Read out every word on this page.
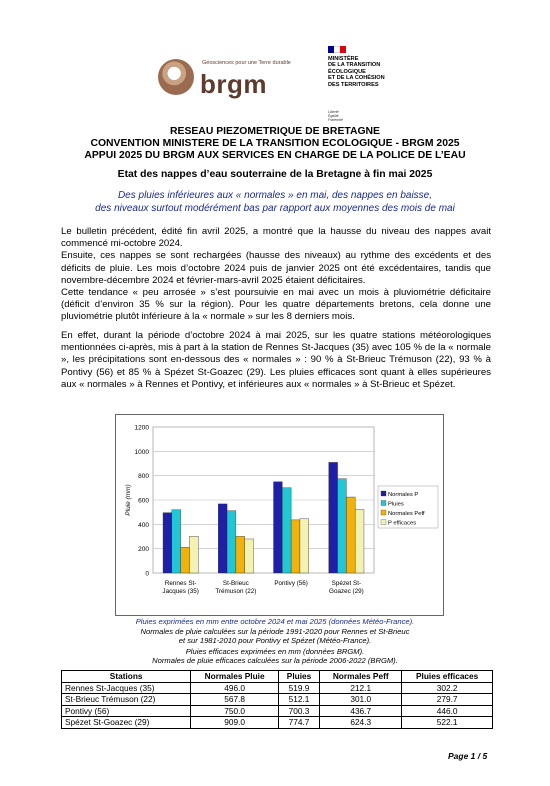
Géosciences pour une Terre durable
brgm
MINISTÈRE
DE LA TRANSITION
ÉCOLOGIQUE
ET DE LA COHÉSION
DES TERRITOIRES
Liberté
Égalité
Fraternité
RESEAU PIEZOMETRIQUE DE BRETAGNE
CONVENTION MINISTERE DE LA TRANSITION ECOLOGIQUE - BRGM 2025
APPUI 2025 DU BRGM AUX SERVICES EN CHARGE DE LA POLICE DE L’EAU
Etat des nappes d’eau souterraine de la Bretagne à fin mai 2025
Des pluies inférieures aux « normales » en mai, des nappes en baisse,
des niveaux surtout modérément bas par rapport aux moyennes des mois de mai

Le bulletin précédent, édité fin avril 2025, a montré que la hausse du niveau des nappes avait commencé mi-octobre 2024.

Ensuite, ces nappes se sont rechargées (hausse des niveaux) au rythme des excédents et des déficits de pluie. Les mois d’octobre 2024 puis de janvier 2025 ont été excédentaires, tandis que novembre-décembre 2024 et février-mars-avril 2025 étaient déficitaires.

Cette tendance « peu arrosée » s’est poursuivie en mai avec un mois à pluviométrie déficitaire (déficit d’environ 35 % sur la région). Pour les quatre départements bretons, cela donne une pluviométrie plutôt inférieure à la « normale » sur les 8 derniers mois.

En effet, durant la période d’octobre 2024 à mai 2025, sur les quatre stations météorologiques mentionnées ci-après, mis à part à la station de Rennes St-Jacques (35) avec 105 % de la « normale », les précipitations sont en-dessous des « normales » : 90 % à St-Brieuc Trémuson (22), 93 % à Pontivy (56) et 85 % à Spézet St-Goazec (29). Les pluies efficaces sont quant à elles supérieures aux « normales » à Rennes et Pontivy, et inférieures aux « normales » à St-Brieuc et Spézet.

0
200
400
600
800
1000
1200
Pluie (mm)
Rennes St-
Jacques (35)
St-Brieuc
Trémuson (22)
Pontivy (56)	Spézet St-
Goazec (29)
Normales P
Pluies
Normales Peff
P efficaces
Pluies exprimées en mm entre octobre 2024 et mai 2025 (données Météo-France).
Normales de pluie calculées sur la période 1991-2020 pour Rennes et St-Brieuc
et sur 1981-2010 pour Pontivy et Spézet (Météo-France).
Pluies efficaces exprimées en mm (données BRGM).
Normales de pluie efficaces calculées sur la période 2006-2022 (BRGM).
Stations	Normales Pluie	Pluies	Normales Peff	Pluies efficaces
Rennes St-Jacques (35)	496.0	519.9	212.1	302.2
St-Brieuc Trémuson (22)	567.8	512.1	301.0	279.7
Pontivy (56)	750.0	700.3	436.7	446.0
Spézet St-Goazec (29)	909.0	774.7	624.3	522.1
Page 1 / 5
